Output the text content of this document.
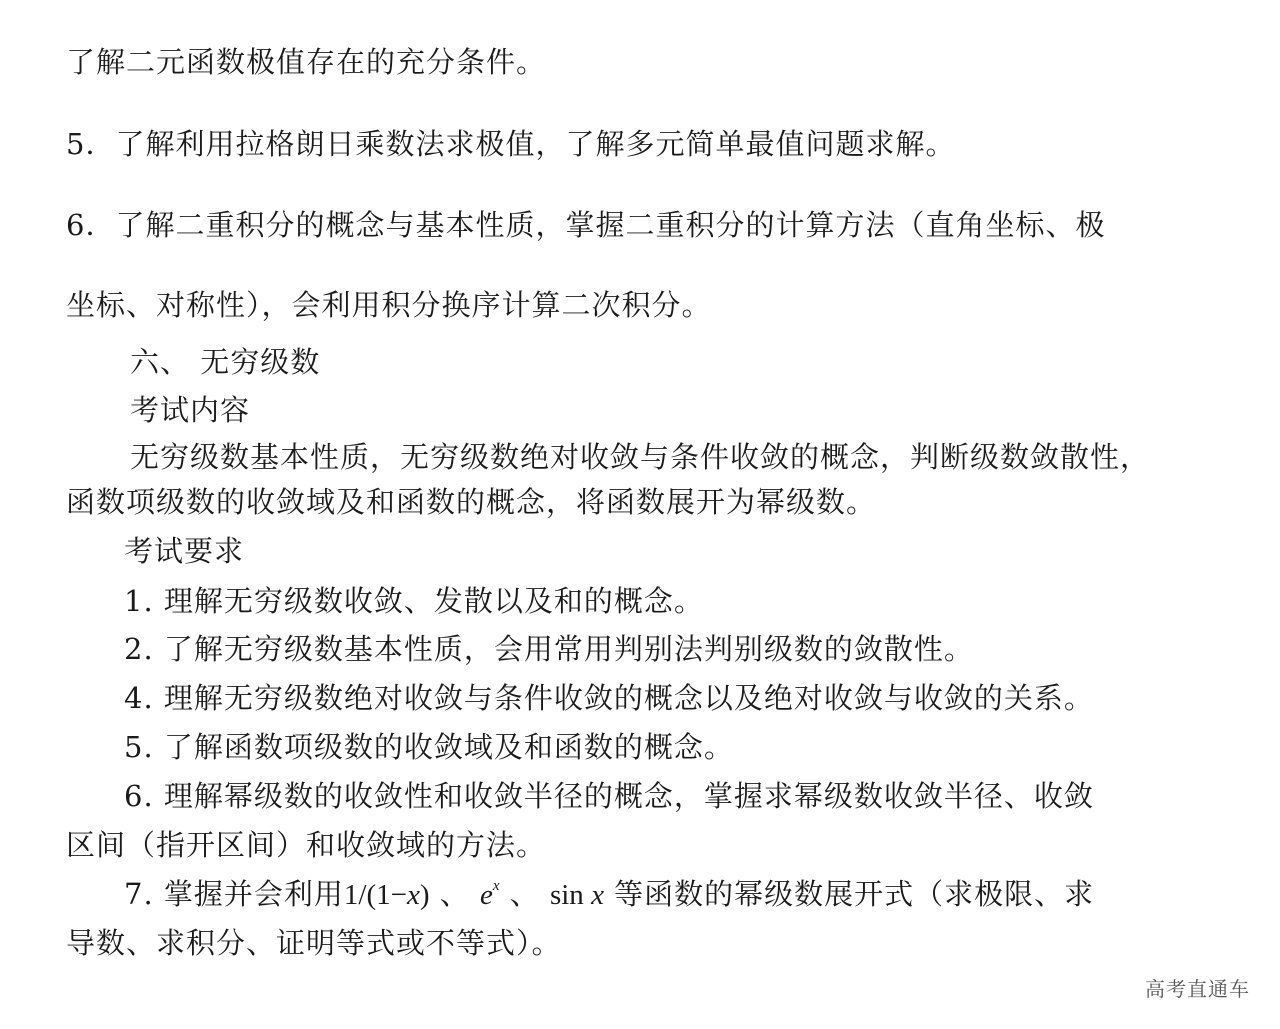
了解二元函数极值存在的充分条件。
5．了解利用拉格朗日乘数法求极值，了解多元简单最值问题求解。
6．了解二重积分的概念与基本性质，掌握二重积分的计算方法（直角坐标、极
坐标、对称性），会利用积分换序计算二次积分。
六、 无穷级数
考试内容
无穷级数基本性质，无穷级数绝对收敛与条件收敛的概念，判断级数敛散性，
函数项级数的收敛域及和函数的概念，将函数展开为幂级数。
考试要求
1. 理解无穷级数收敛、发散以及和的概念。
2. 了解无穷级数基本性质，会用常用判别法判别级数的敛散性。
4. 理解无穷级数绝对收敛与条件收敛的概念以及绝对收敛与收敛的关系。
5. 了解函数项级数的收敛域及和函数的概念。
6. 理解幂级数的收敛性和收敛半径的概念，掌握求幂级数收敛半径、收敛
区间（指开区间）和收敛域的方法。
7. 掌握并会利用1/(1−x) 、 $e^x$ 、 sin x 等函数的幂级数展开式（求极限、求
导数、求积分、证明等式或不等式）。
高考直通车
